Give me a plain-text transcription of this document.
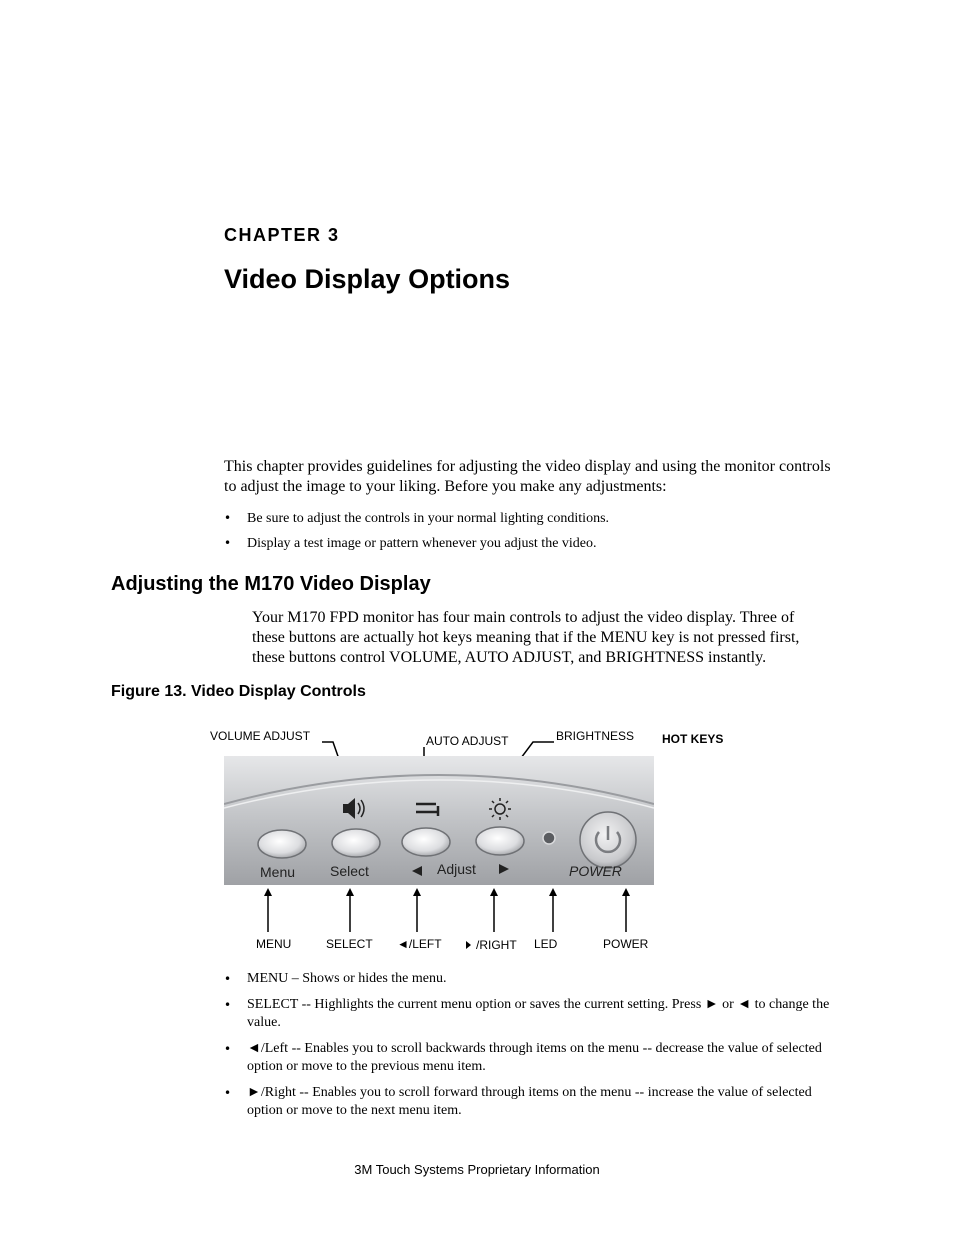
CHAPTER 3
Video Display Options
This chapter provides guidelines for adjusting the video display and using the monitor controls to adjust the image to your liking. Before you make any adjustments:
• Be sure to adjust the controls in your normal lighting conditions.
• Display a test image or pattern whenever you adjust the video.
Adjusting the M170 Video Display
Your M170 FPD monitor has four main controls to adjust the video display. Three of these buttons are actually hot keys meaning that if the MENU key is not pressed first, these buttons control VOLUME, AUTO ADJUST, and BRIGHTNESS instantly.
Figure 13. Video Display Controls
VOLUME ADJUST	AUTO ADJUST	BRIGHTNESS HOT KEYS
Menu Select	Adjust	POWER
MENU	SELECT ◄/LEFT	/RIGHT LED	POWER
• MENU – Shows or hides the menu.
• SELECT -- Highlights the current menu option or saves the current setting. Press ► or ◄ to change the value.
• ◄/Left -- Enables you to scroll backwards through items on the menu -- decrease the value of selected option or move to the previous menu item.
• ►/Right -- Enables you to scroll forward through items on the menu -- increase the value of selected option or move to the next menu item.
3M Touch Systems Proprietary Information
